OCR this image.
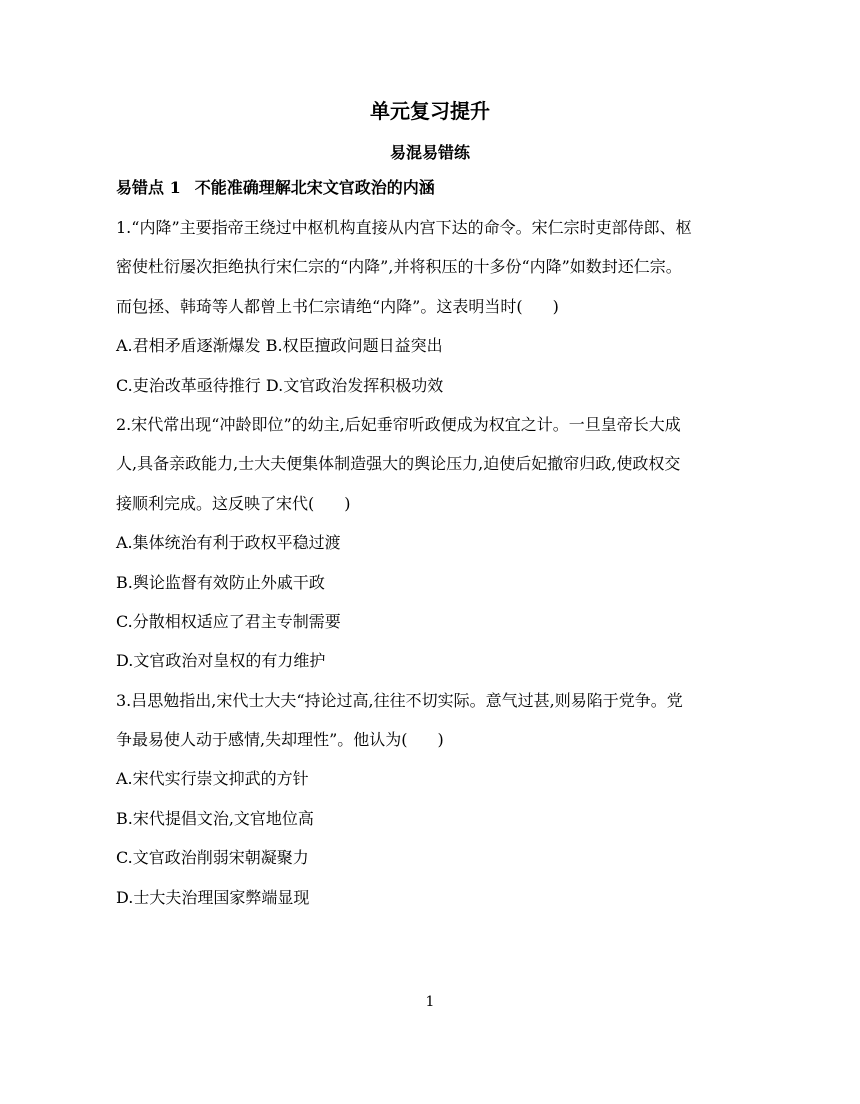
单元复习提升
易混易错练
易错点 1 不能准确理解北宋文官政治的内涵
1.“内降”主要指帝王绕过中枢机构直接从内宫下达的命令。宋仁宗时吏部侍郎、枢
密使杜衍屡次拒绝执行宋仁宗的“内降”,并将积压的十多份“内降”如数封还仁宗。
而包拯、韩琦等人都曾上书仁宗请绝“内降”。这表明当时( )
A.君相矛盾逐渐爆发 B.权臣擅政问题日益突出
C.吏治改革亟待推行 D.文官政治发挥积极功效
2.宋代常出现“冲龄即位”的幼主,后妃垂帘听政便成为权宜之计。一旦皇帝长大成
人,具备亲政能力,士大夫便集体制造强大的舆论压力,迫使后妃撤帘归政,使政权交
接顺利完成。这反映了宋代( )
A.集体统治有利于政权平稳过渡
B.舆论监督有效防止外戚干政
C.分散相权适应了君主专制需要
D.文官政治对皇权的有力维护
3.吕思勉指出,宋代士大夫“持论过高,往往不切实际。意气过甚,则易陷于党争。党
争最易使人动于感情,失却理性”。他认为( )
A.宋代实行崇文抑武的方针
B.宋代提倡文治,文官地位高
C.文官政治削弱宋朝凝聚力
D.士大夫治理国家弊端显现
1
